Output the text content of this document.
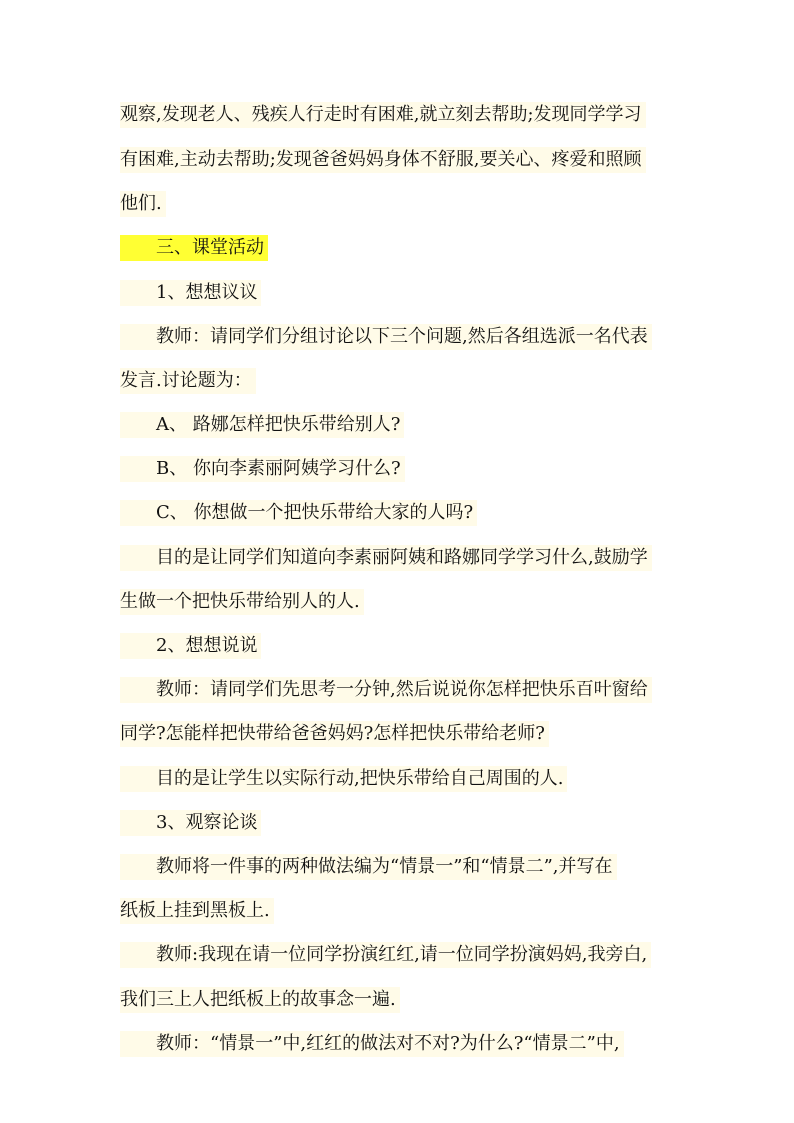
观察,发现老人、残疾人行走时有困难,就立刻去帮助;发现同学学习
有困难,主动去帮助;发现爸爸妈妈身体不舒服,要关心、疼爱和照顾
他们.
三、课堂活动
1、想想议议
教师：请同学们分组讨论以下三个问题,然后各组选派一名代表
发言.讨论题为：
A、 路娜怎样把快乐带给别人?
B、 你向李素丽阿姨学习什么?
C、 你想做一个把快乐带给大家的人吗?
目的是让同学们知道向李素丽阿姨和路娜同学学习什么,鼓励学
生做一个把快乐带给别人的人.
2、想想说说
教师：请同学们先思考一分钟,然后说说你怎样把快乐百叶窗给
同学?怎能样把快带给爸爸妈妈?怎样把快乐带给老师?
目的是让学生以实际行动,把快乐带给自己周围的人.
3、观察论谈
教师将一件事的两种做法编为“情景一”和“情景二”,并写在
纸板上挂到黑板上.
教师:我现在请一位同学扮演红红,请一位同学扮演妈妈,我旁白,
我们三上人把纸板上的故事念一遍.
教师：“情景一”中,红红的做法对不对?为什么?“情景二”中,
